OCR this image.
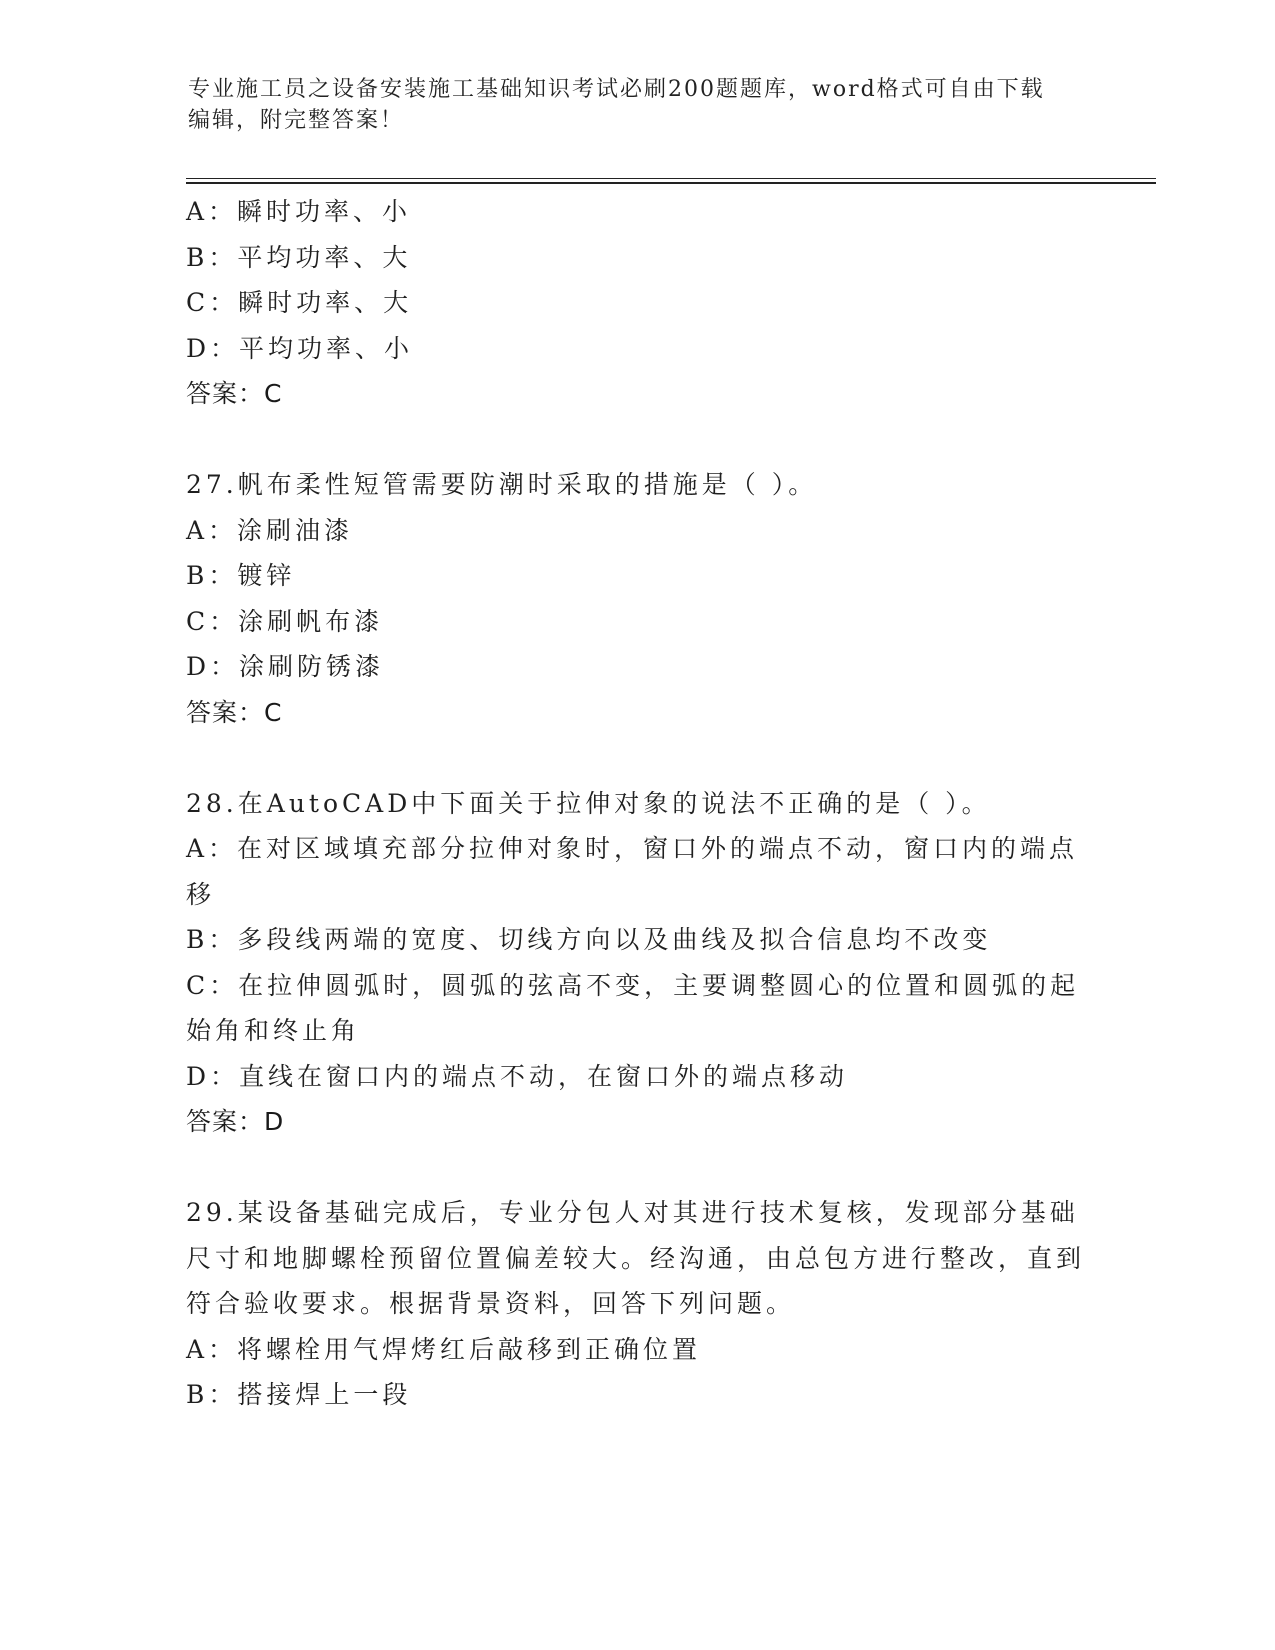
专业施工员之设备安装施工基础知识考试必刷200题题库，word格式可自由下载编辑，附完整答案！
A：瞬时功率、小
B：平均功率、大
C：瞬时功率、大
D：平均功率、小
答案：C
27.帆布柔性短管需要防潮时采取的措施是（ ）。
A：涂刷油漆
B：镀锌
C：涂刷帆布漆
D：涂刷防锈漆
答案：C
28.在AutoCAD中下面关于拉伸对象的说法不正确的是（ ）。
A：在对区域填充部分拉伸对象时，窗口外的端点不动，窗口内的端点移
B：多段线两端的宽度、切线方向以及曲线及拟合信息均不改变
C：在拉伸圆弧时，圆弧的弦高不变，主要调整圆心的位置和圆弧的起始角和终止角
D：直线在窗口内的端点不动，在窗口外的端点移动
答案：D
29.某设备基础完成后，专业分包人对其进行技术复核，发现部分基础尺寸和地脚螺栓预留位置偏差较大。经沟通，由总包方进行整改，直到符合验收要求。根据背景资料，回答下列问题。
A：将螺栓用气焊烤红后敲移到正确位置
B：搭接焊上一段
